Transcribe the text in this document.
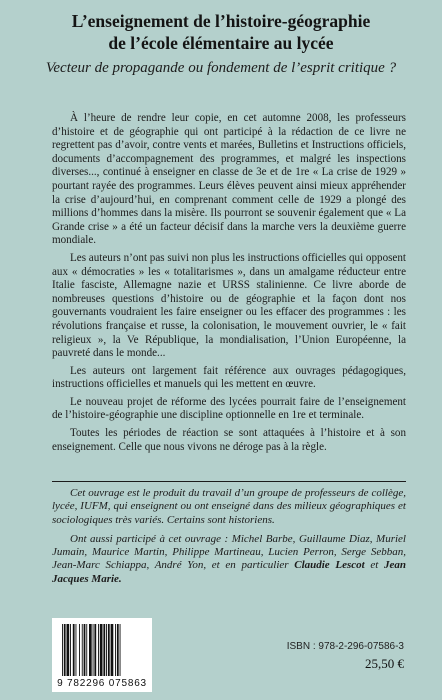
L’enseignement de l’histoire-géographie
de l’école élémentaire au lycée
Vecteur de propagande ou fondement de l’esprit critique ?

À l’heure de rendre leur copie, en cet automne 2008, les professeurs d’histoire et de géographie qui ont participé à la rédaction de ce livre ne regrettent pas d’avoir, contre vents et marées, Bulletins et Instructions officiels, documents d’accompagnement des programmes, et malgré les inspections diverses..., continué à enseigner en classe de 3e et de 1re « La crise de 1929 » pourtant rayée des programmes. Leurs élèves peuvent ainsi mieux appréhender la crise d’aujourd’hui, en comprenant comment celle de 1929 a plongé des millions d’hommes dans la misère. Ils pourront se souvenir également que « La Grande crise » a été un facteur décisif dans la marche vers la deuxième guerre mondiale.

Les auteurs n’ont pas suivi non plus les instructions officielles qui opposent aux « démocraties » les « totalitarismes », dans un amalgame réducteur entre Italie fasciste, Allemagne nazie et URSS stalinienne. Ce livre aborde de nombreuses questions d’histoire ou de géographie et la façon dont nos gouvernants voudraient les faire enseigner ou les effacer des programmes : les révolutions française et russe, la colonisation, le mouvement ouvrier, le « fait religieux », la Ve République, la mondialisation, l’Union Européenne, la pauvreté dans le monde...

Les auteurs ont largement fait référence aux ouvrages pédagogiques, instructions officielles et manuels qui les mettent en œuvre.

Le nouveau projet de réforme des lycées pourrait faire de l’enseignement de l’histoire-géographie une discipline optionnelle en 1re et terminale.

Toutes les périodes de réaction se sont attaquées à l’histoire et à son enseignement. Celle que nous vivons ne déroge pas à la règle.

Cet ouvrage est le produit du travail d’un groupe de professeurs de collège, lycée, IUFM, qui enseignent ou ont enseigné dans des milieux géographiques et sociologiques très variés. Certains sont historiens.

Ont aussi participé à cet ouvrage : Michel Barbe, Guillaume Diaz, Muriel Jumain, Maurice Martin, Philippe Martineau, Lucien Perron, Serge Sebban, Jean-Marc Schiappa, André Yon, et en particulier Claudie Lescot et Jean Jacques Marie.

9 782296 075863
ISBN : 978-2-296-07586-3
25,50 €
